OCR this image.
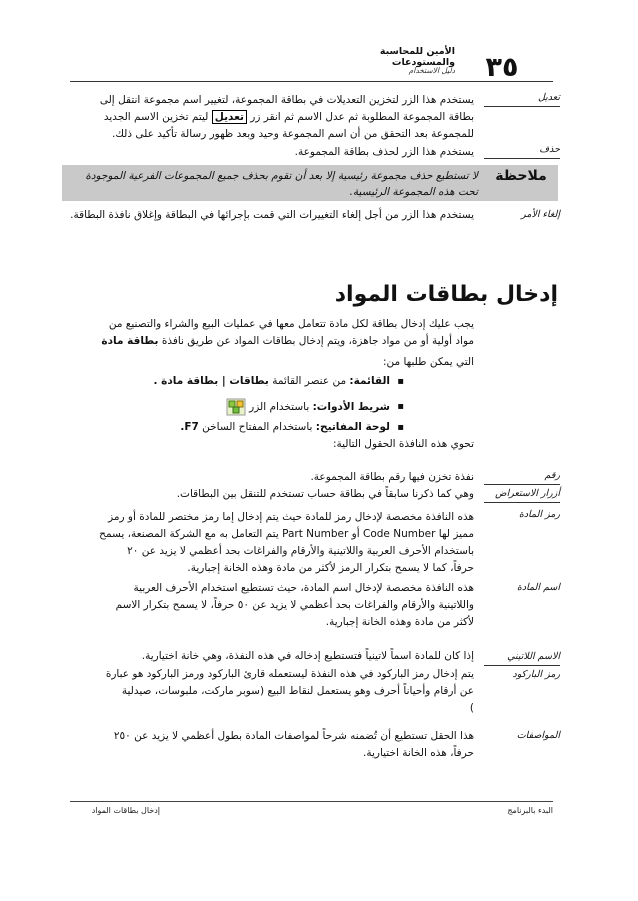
٣٥
الأمين للمحاسبة والمستودعات
دليل الاستخدام
تعديل
يستخدم هذا الزر لتخزين التعديلات في بطاقة المجموعة، لتغيير اسم مجموعة انتقل إلى
بطاقة المجموعة المطلوبة ثم عدل الاسم ثم انقر زر تعديل ليتم تخزين الاسم الجديد
للمجموعة بعد التحقق من أن اسم المجموعة وحيد وبعد ظهور رسالة تأكيد على ذلك.
حذف
يستخدم هذا الزر لحذف بطاقة المجموعة.
ملاحظة
لا تستطيع حذف مجموعة رئيسية إلا بعد أن تقوم بحذف جميع المجموعات الفرعية الموجودة تحت هذه المجموعة الرئيسية.
إلغاء الأمر
يستخدم هذا الزر من أجل إلغاء التغييرات التي قمت بإجرائها في البطاقة وإغلاق نافذة البطاقة.
إدخال بطاقات المواد
يجب عليك إدخال بطاقة لكل مادة تتعامل معها في عمليات البيع والشراء والتصنيع من
مواد أولية أو من مواد جاهزة، ويتم إدخال بطاقات المواد عن طريق نافذة بطاقة مادة
التي يمكن طلبها من:
▪ القائمة: من عنصر القائمة بطاقات | بطاقة مادة .
▪ شريط الأدوات: باستخدام الزر
▪ لوحة المفاتيح: باستخدام المفتاح الساخن F7.
تحوي هذه النافذة الحقول التالية:
رقم
نفذة تخزن فيها رقم بطاقة المجموعة.
أزرار الاستعراض
وهي كما ذكرنا سابقاً في بطاقة حساب تستخدم للتنقل بين البطاقات.
رمز المادة
هذه النافذة مخصصة لإدخال رمز للمادة حيث يتم إدخال إما رمز مختصر للمادة أو رمز
مميز لها Code Number أو Part Number يتم التعامل به مع الشركة المصنعة، يسمح
باستخدام الأحرف العربية واللاتينية والأرقام والفراغات بحد أعظمي لا يزيد عن ٢٠
حرفاً، كما لا يسمح بتكرار الرمز لأكثر من مادة وهذه الخانة إجبارية.
اسم المادة
هذه النافذة مخصصة لإدخال اسم المادة، حيث تستطيع استخدام الأحرف العربية
واللاتينية والأرقام والفراغات بحد أعظمي لا يزيد عن ٥٠ حرفاً، لا يسمح بتكرار الاسم
لأكثر من مادة وهذه الخانة إجبارية.
الاسم اللاتيني
إذا كان للمادة اسماً لاتينياً فتستطيع إدخاله في هذه النفذة، وهي خانة اختيارية.
رمز الباركود
يتم إدخال رمز الباركود في هذه النفذة ليستعمله قارئ الباركود ورمز الباركود هو عبارة
عن أرقام وأحياناً أحرف وهو يستعمل لنقاط البيع (سوبر ماركت، ملبوسات، صيدلية
)
المواصفات
هذا الحقل تستطيع أن تُضمنه شرحاً لمواصفات المادة بطول أعظمي لا يزيد عن ٢٥٠
حرفاً، هذه الخانة اختيارية.
البدء بالبرنامج
إدخال بطاقات المواد
